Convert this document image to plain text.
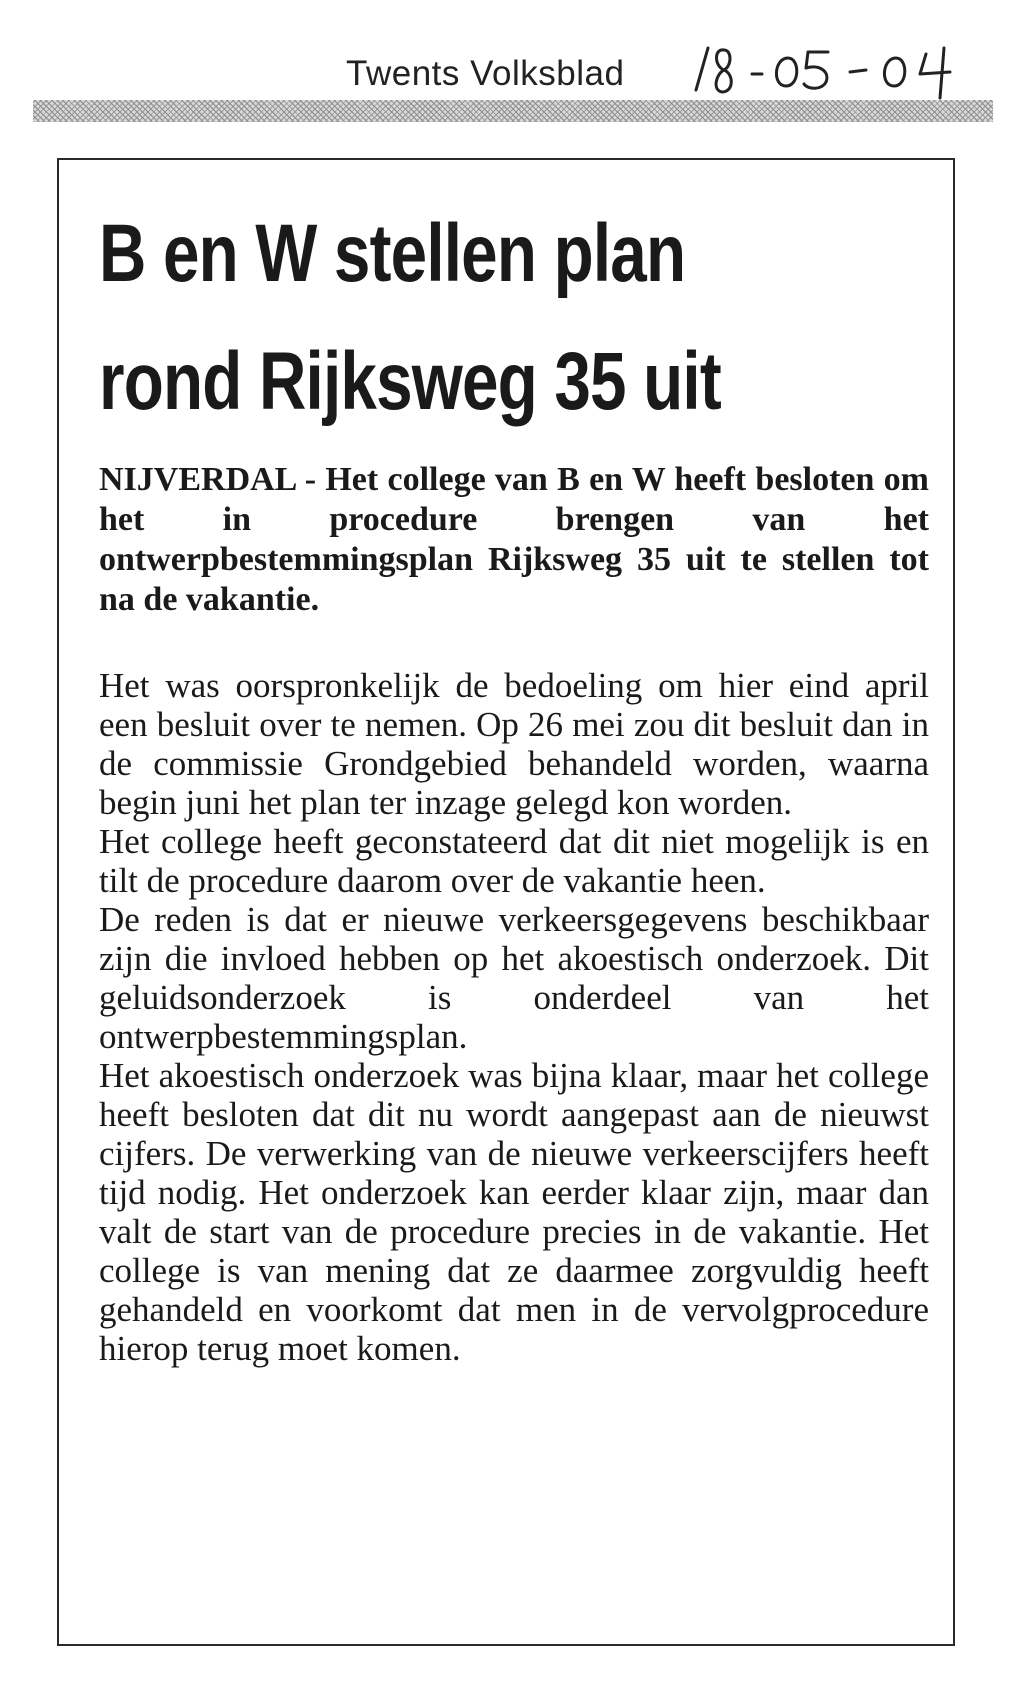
Twents Volksblad
B en W stellen plan rond Rijksweg 35 uit

NIJVERDAL - Het college van B en W heeft besloten om het in procedure brengen van het ontwerpbestemmingsplan Rijksweg 35 uit te stellen tot na de vakantie.

Het was oorspronkelijk de bedoeling om hier eind april een besluit over te nemen. Op 26 mei zou dit besluit dan in de commissie Grondgebied behandeld worden, waarna begin juni het plan ter inzage gelegd kon worden.

Het college heeft geconstateerd dat dit niet mogelijk is en tilt de procedure daarom over de vakantie heen.

De reden is dat er nieuwe verkeersgegevens beschikbaar zijn die invloed hebben op het akoestisch onderzoek. Dit geluidsonderzoek is onderdeel van het ontwerpbestemmingsplan.

Het akoestisch onderzoek was bijna klaar, maar het college heeft besloten dat dit nu wordt aangepast aan de nieuwst cijfers. De verwerking van de nieuwe verkeerscijfers heeft tijd nodig. Het onderzoek kan eerder klaar zijn, maar dan valt de start van de procedure precies in de vakantie. Het college is van mening dat ze daarmee zorgvuldig heeft gehandeld en voorkomt dat men in de vervolgprocedure hierop terug moet komen.
